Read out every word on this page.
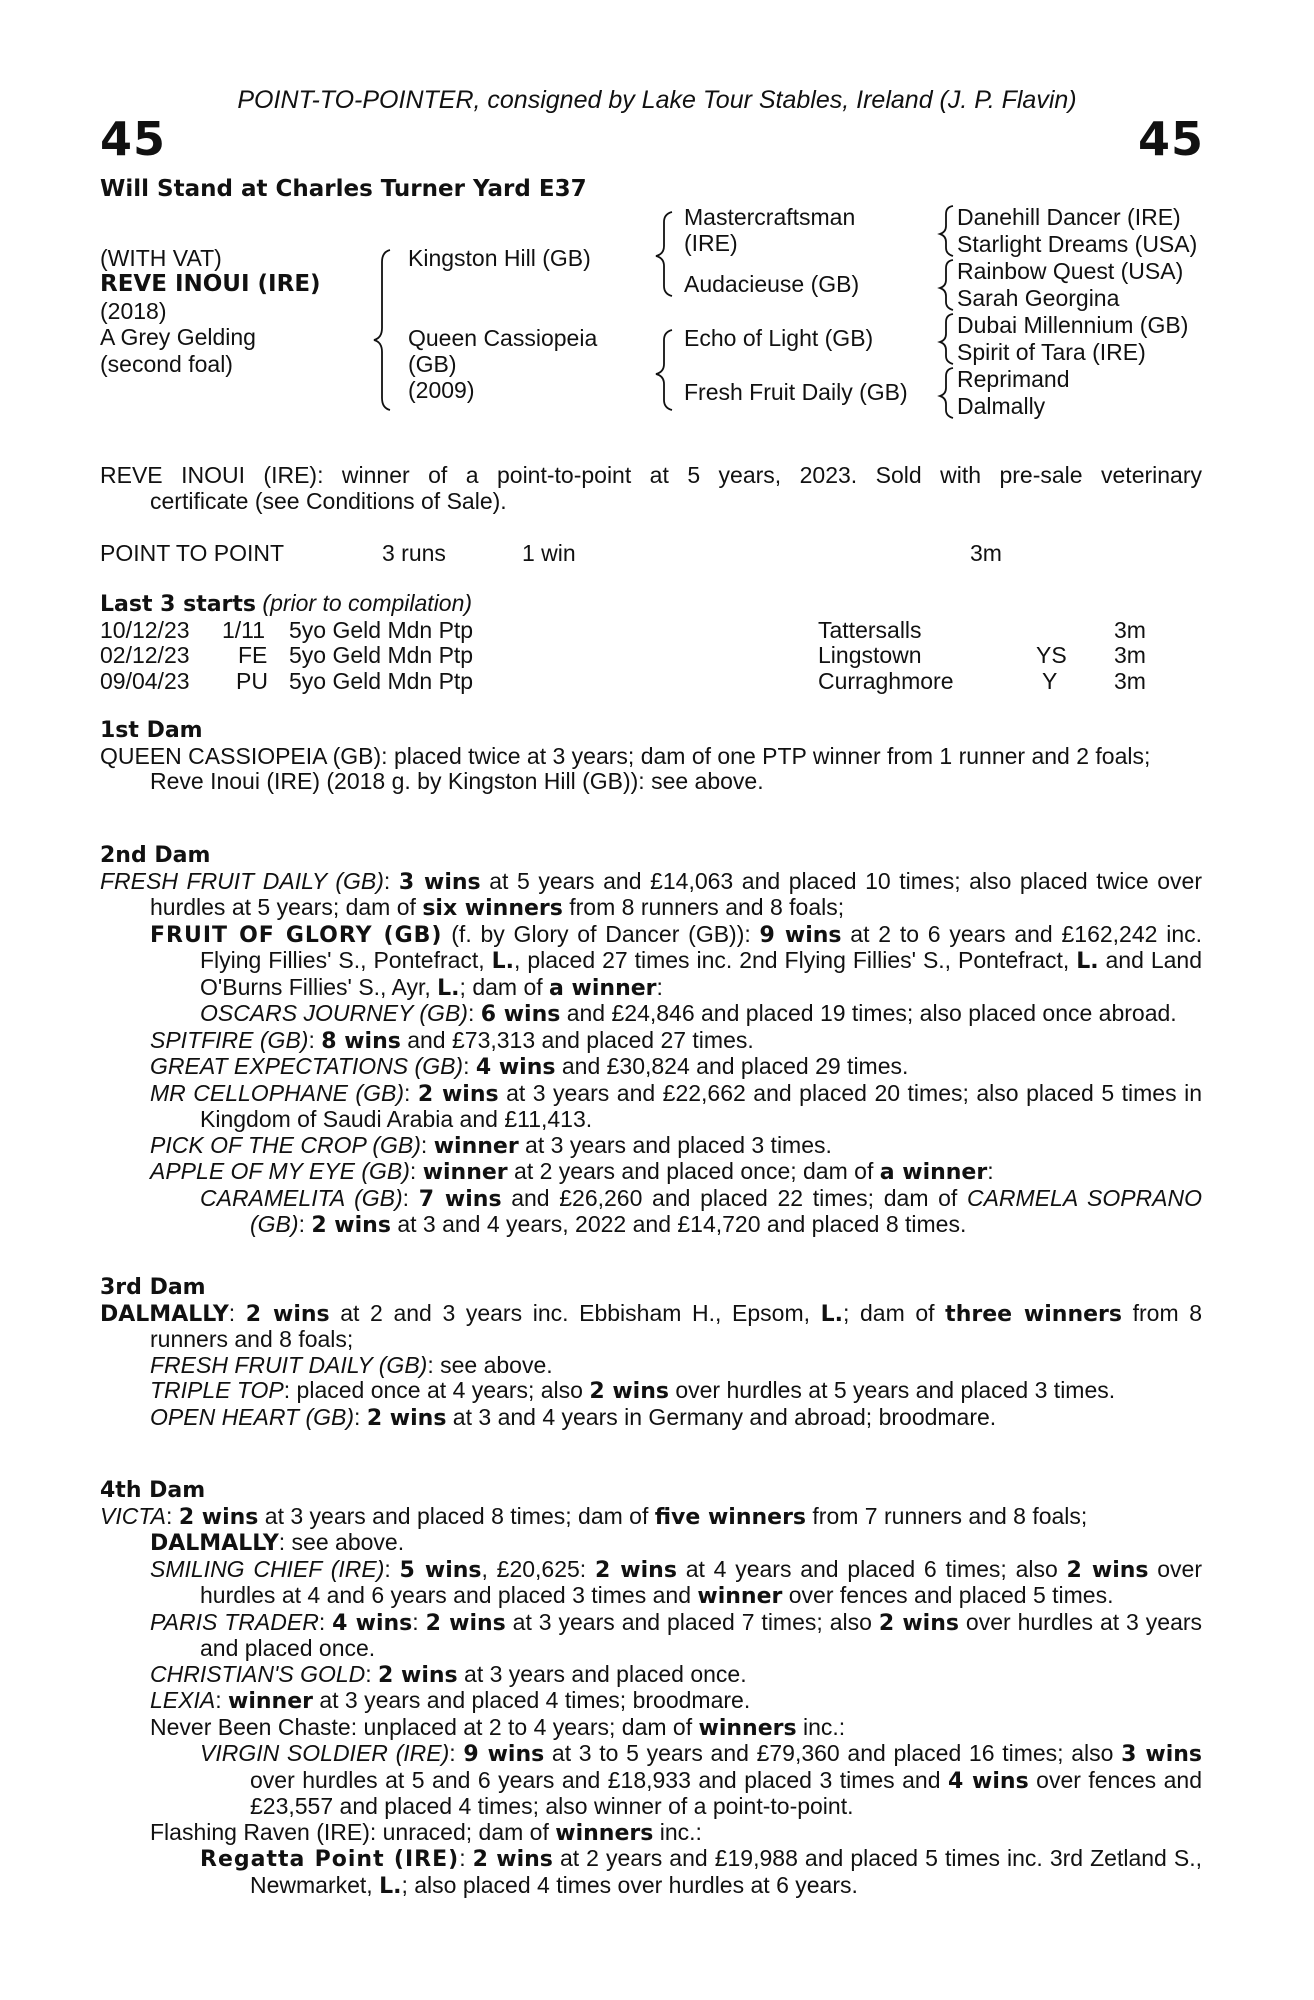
POINT-TO-POINTER, consigned by Lake Tour Stables, Ireland (J. P. Flavin)
45	45
Will Stand at Charles Turner Yard E37
(WITH VAT)
REVE INOUI (IRE)
(2018)
A Grey Gelding
(second foal)
Kingston Hill (GB)
Queen Cassiopeia
(GB)
(2009)
Mastercraftsman
(IRE)
Audacieuse (GB)
Echo of Light (GB)
Fresh Fruit Daily (GB)
Danehill Dancer (IRE)
Starlight Dreams (USA)
Rainbow Quest (USA)
Sarah Georgina
Dubai Millennium (GB)
Spirit of Tara (IRE)
Reprimand
Dalmally
REVE INOUI (IRE): winner of a point-to-point at 5 years, 2023. Sold with pre-sale veterinary
certificate (see Conditions of Sale).
POINT TO POINT	3 runs	1 win	3m
Last 3 starts (prior to compilation)
10/12/23 1/11 5yo Geld Mdn Ptp	Tattersalls	3m
02/12/23 FE 5yo Geld Mdn Ptp	Lingstown	YS 3m
09/04/23 PU 5yo Geld Mdn Ptp	Curraghmore	Y 3m
1st Dam
QUEEN CASSIOPEIA (GB): placed twice at 3 years; dam of one PTP winner from 1 runner and 2 foals;
Reve Inoui (IRE) (2018 g. by Kingston Hill (GB)): see above.
2nd Dam
FRESH FRUIT DAILY (GB): 3 wins at 5 years and £14,063 and placed 10 times; also placed twice over hurdles at 5 years; dam of six winners from 8 runners and 8 foals;
FRUIT OF GLORY (GB) (f. by Glory of Dancer (GB)): 9 wins at 2 to 6 years and £162,242 inc. Flying Fillies' S., Pontefract, L., placed 27 times inc. 2nd Flying Fillies' S., Pontefract, L. and Land O'Burns Fillies' S., Ayr, L.; dam of a winner:
OSCARS JOURNEY (GB): 6 wins and £24,846 and placed 19 times; also placed once abroad.
SPITFIRE (GB): 8 wins and £73,313 and placed 27 times.
GREAT EXPECTATIONS (GB): 4 wins and £30,824 and placed 29 times.
MR CELLOPHANE (GB): 2 wins at 3 years and £22,662 and placed 20 times; also placed 5 times in Kingdom of Saudi Arabia and £11,413.
PICK OF THE CROP (GB): winner at 3 years and placed 3 times.
APPLE OF MY EYE (GB): winner at 2 years and placed once; dam of a winner:
CARAMELITA (GB): 7 wins and £26,260 and placed 22 times; dam of CARMELA SOPRANO (GB): 2 wins at 3 and 4 years, 2022 and £14,720 and placed 8 times.
3rd Dam
DALMALLY: 2 wins at 2 and 3 years inc. Ebbisham H., Epsom, L.; dam of three winners from 8 runners and 8 foals;
FRESH FRUIT DAILY (GB): see above.
TRIPLE TOP: placed once at 4 years; also 2 wins over hurdles at 5 years and placed 3 times.
OPEN HEART (GB): 2 wins at 3 and 4 years in Germany and abroad; broodmare.
4th Dam
VICTA: 2 wins at 3 years and placed 8 times; dam of five winners from 7 runners and 8 foals;
DALMALLY: see above.
SMILING CHIEF (IRE): 5 wins, £20,625: 2 wins at 4 years and placed 6 times; also 2 wins over hurdles at 4 and 6 years and placed 3 times and winner over fences and placed 5 times.
PARIS TRADER: 4 wins: 2 wins at 3 years and placed 7 times; also 2 wins over hurdles at 3 years and placed once.
CHRISTIAN'S GOLD: 2 wins at 3 years and placed once.
LEXIA: winner at 3 years and placed 4 times; broodmare.
Never Been Chaste: unplaced at 2 to 4 years; dam of winners inc.:
VIRGIN SOLDIER (IRE): 9 wins at 3 to 5 years and £79,360 and placed 16 times; also 3 wins over hurdles at 5 and 6 years and £18,933 and placed 3 times and 4 wins over fences and £23,557 and placed 4 times; also winner of a point-to-point.
Flashing Raven (IRE): unraced; dam of winners inc.:
Regatta Point (IRE): 2 wins at 2 years and £19,988 and placed 5 times inc. 3rd Zetland S., Newmarket, L.; also placed 4 times over hurdles at 6 years.
